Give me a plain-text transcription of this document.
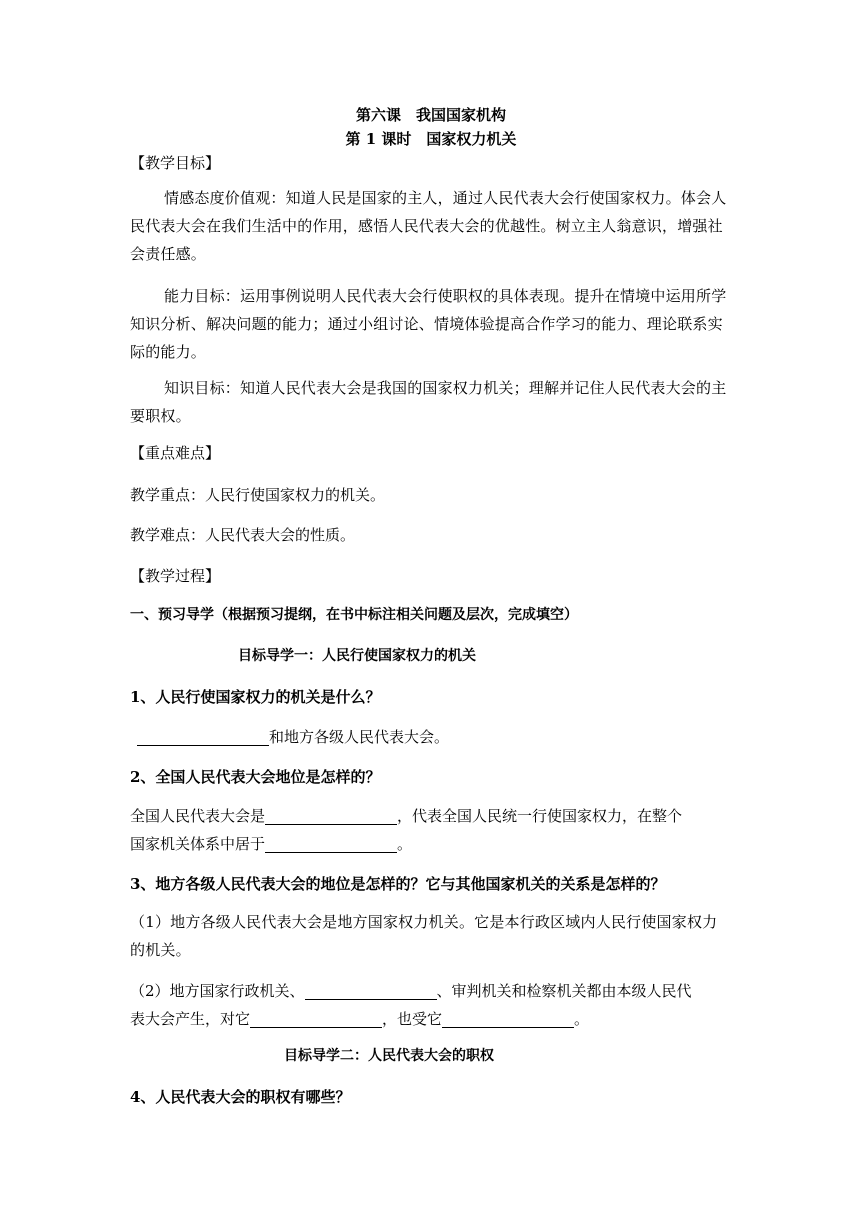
第六课　我国国家机构
第 1 课时　国家权力机关
【教学目标】
情感态度价值观：知道人民是国家的主人，通过人民代表大会行使国家权力。体会人民代表大会在我们生活中的作用，感悟人民代表大会的优越性。树立主人翁意识，增强社会责任感。
能力目标：运用事例说明人民代表大会行使职权的具体表现。提升在情境中运用所学知识分析、解决问题的能力；通过小组讨论、情境体验提高合作学习的能力、理论联系实际的能力。
知识目标：知道人民代表大会是我国的国家权力机关；理解并记住人民代表大会的主要职权。
【重点难点】
教学重点：人民行使国家权力的机关。
教学难点：人民代表大会的性质。
【教学过程】
一、预习导学（根据预习提纲，在书中标注相关问题及层次，完成填空）
目标导学一：人民行使国家权力的机关
1、人民行使国家权力的机关是什么？
和地方各级人民代表大会。
2、全国人民代表大会地位是怎样的？
全国人民代表大会是	，代表全国人民统一行使国家权力，在整个
国家机关体系中居于	。
3、地方各级人民代表大会的地位是怎样的？它与其他国家机关的关系是怎样的？
（1）地方各级人民代表大会是地方国家权力机关。它是本行政区域内人民行使国家权力的机关。
（2）地方国家行政机关、	、审判机关和检察机关都由本级人民代
表大会产生，对它	，也受它	。
目标导学二：人民代表大会的职权
4、人民代表大会的职权有哪些？
